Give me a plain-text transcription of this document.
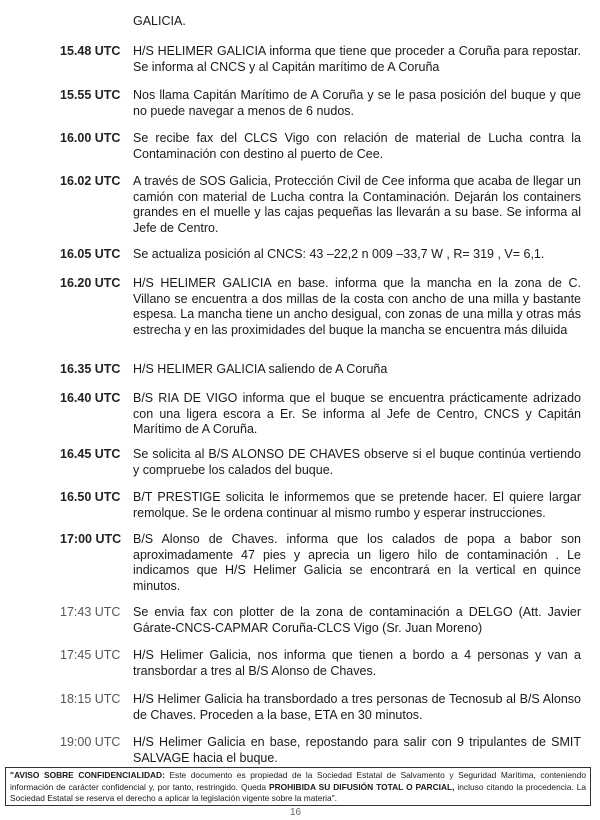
GALICIA.
15.48 UTC H/S HELIMER GALICIA informa que tiene que proceder a Coruña para repostar. Se informa al CNCS y al Capitán marítimo de A Coruña
15.55 UTC Nos llama Capitán Marítimo de A Coruña y se le pasa posición del buque y que no puede navegar a menos de 6 nudos.
16.00 UTC Se recibe fax del CLCS Vigo con relación de material de Lucha contra la Contaminación con destino al puerto de Cee.
16.02 UTC A través de SOS Galicia, Protección Civil de Cee informa que acaba de llegar un camión con material de Lucha contra la Contaminación. Dejarán los containers grandes en el muelle y las cajas pequeñas las llevarán a su base. Se informa al Jefe de Centro.
16.05 UTC Se actualiza posición al CNCS: 43 –22,2 n 009 –33,7 W , R= 319 , V= 6,1.
16.20 UTC H/S HELIMER GALICIA en base. informa que la mancha en la zona de C. Villano se encuentra a dos millas de la costa con ancho de una milla y bastante espesa. La mancha tiene un ancho desigual, con zonas de una milla y otras más estrecha y en las proximidades del buque la mancha se encuentra más diluida
16.35 UTC H/S HELIMER GALICIA saliendo de A Coruña
16.40 UTC B/S RIA DE VIGO informa que el buque se encuentra prácticamente adrizado con una ligera escora a Er. Se informa al Jefe de Centro, CNCS y Capitán Marítimo de A Coruña.
16.45 UTC Se solicita al B/S ALONSO DE CHAVES observe si el buque continúa vertiendo y compruebe los calados del buque.
16.50 UTC B/T PRESTIGE solicita le informemos que se pretende hacer. El quiere largar remolque. Se le ordena continuar al mismo rumbo y esperar instrucciones.
17:00 UTC B/S Alonso de Chaves. informa que los calados de popa a babor son aproximadamente 47 pies y aprecia un ligero hilo de contaminación . Le indicamos que H/S Helimer Galicia se encontrará en la vertical en quince minutos.
17:43 UTC Se envia fax con plotter de la zona de contaminación a DELGO (Att. Javier Gárate-CNCS-CAPMAR Coruña-CLCS Vigo (Sr. Juan Moreno)
17:45 UTC H/S Helimer Galicia, nos informa que tienen a bordo a 4 personas y van a transbordar a tres al B/S Alonso de Chaves.
18:15 UTC H/S Helimer Galicia ha transbordado a tres personas de Tecnosub al B/S Alonso de Chaves. Proceden a la base, ETA en 30 minutos.
19:00 UTC H/S Helimer Galicia en base, repostando para salir con 9 tripulantes de SMIT SALVAGE hacia el buque.
"AVISO SOBRE CONFIDENCIALIDAD: Este documento es propiedad de la Sociedad Estatal de Salvamento y Seguridad Marítima, conteniendo información de carácter confidencial y, por tanto, restringido. Queda PROHIBIDA SU DIFUSIÓN TOTAL O PARCIAL, incluso citando la procedencia. La Sociedad Estatal se reserva el derecho a aplicar la legislación vigente sobre la materia".
16
